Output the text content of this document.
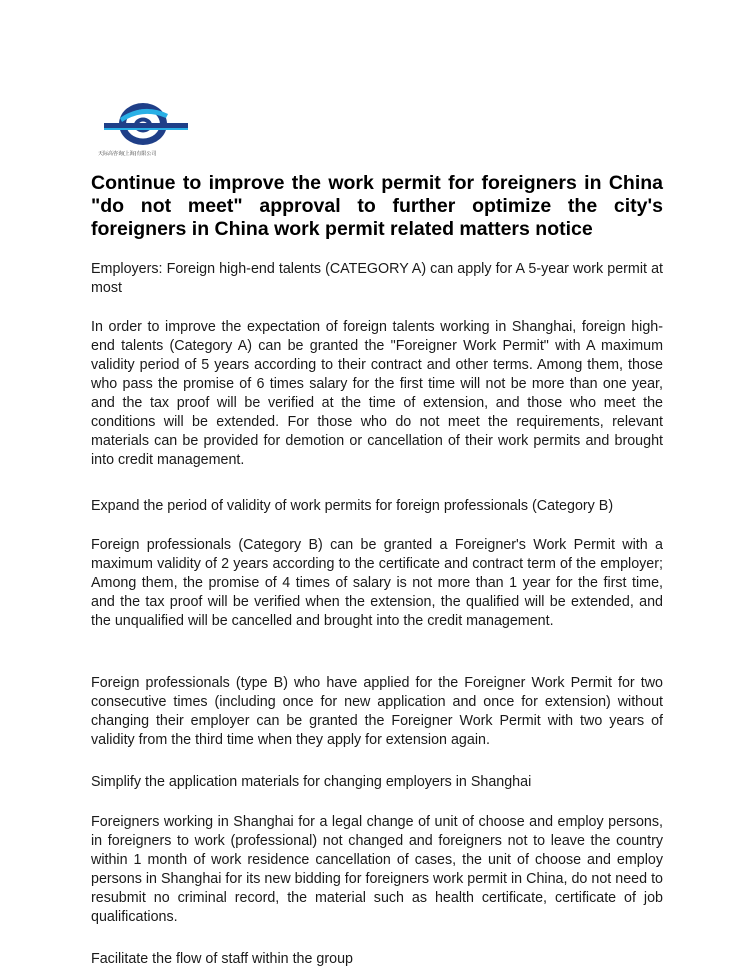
天际高咨询(上海)有限公司
Continue to improve the work permit for foreigners in China "do not meet" approval to further optimize the city's foreigners in China work permit related matters notice

Employers: Foreign high-end talents (CATEGORY A) can apply for A 5-year work permit at most

In order to improve the expectation of foreign talents working in Shanghai, foreign high-end talents (Category A) can be granted the "Foreigner Work Permit" with A maximum validity period of 5 years according to their contract and other terms. Among them, those who pass the promise of 6 times salary for the first time will not be more than one year, and the tax proof will be verified at the time of extension, and those who meet the conditions will be extended. For those who do not meet the requirements, relevant materials can be provided for demotion or cancellation of their work permits and brought into credit management.

Expand the period of validity of work permits for foreign professionals (Category B)

Foreign professionals (Category B) can be granted a Foreigner's Work Permit with a maximum validity of 2 years according to the certificate and contract term of the employer; Among them, the promise of 4 times of salary is not more than 1 year for the first time, and the tax proof will be verified when the extension, the qualified will be extended, and the unqualified will be cancelled and brought into the credit management.

Foreign professionals (type B) who have applied for the Foreigner Work Permit for two consecutive times (including once for new application and once for extension) without changing their employer can be granted the Foreigner Work Permit with two years of validity from the third time when they apply for extension again.

Simplify the application materials for changing employers in Shanghai

Foreigners working in Shanghai for a legal change of unit of choose and employ persons, in foreigners to work (professional) not changed and foreigners not to leave the country within 1 month of work residence cancellation of cases, the unit of choose and employ persons in Shanghai for its new bidding for foreigners work permit in China, do not need to resubmit no criminal record, the material such as health certificate, certificate of job qualifications.

Facilitate the flow of staff within the group
